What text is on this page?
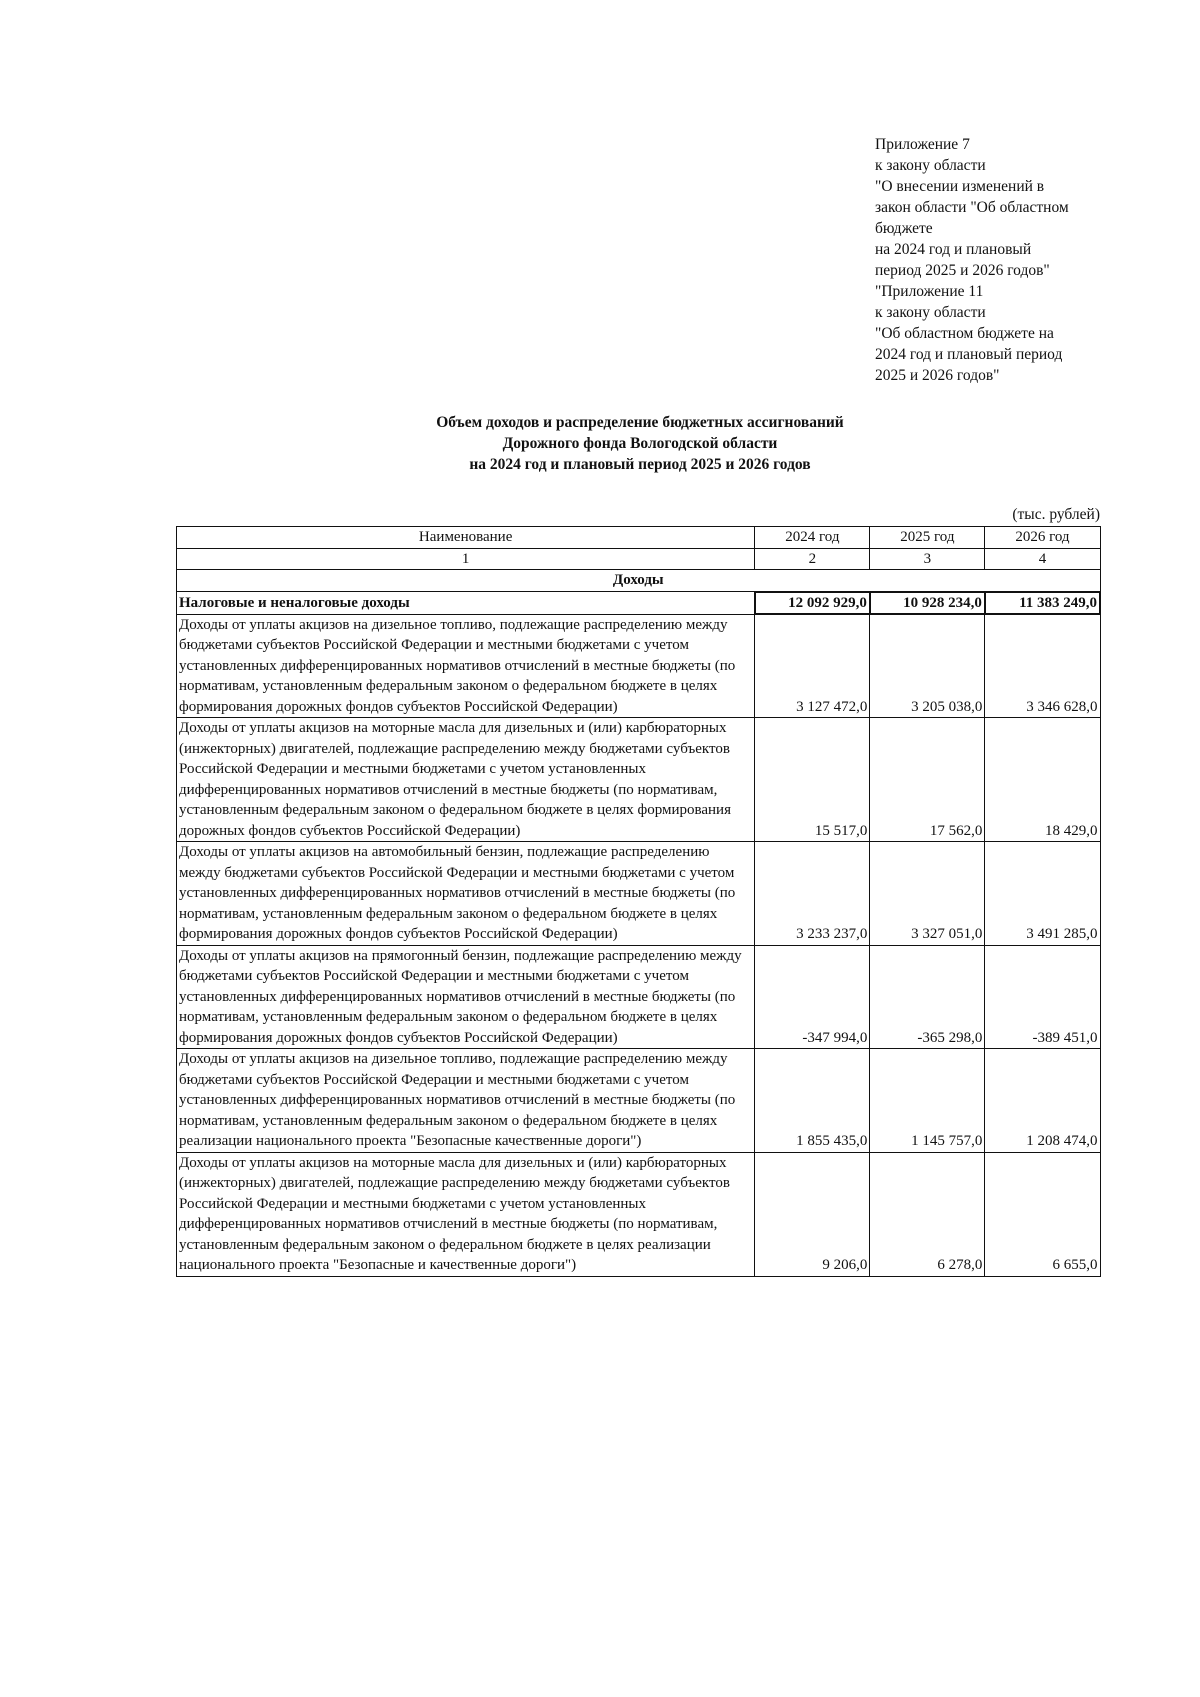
Приложение 7
к закону области
"О внесении изменений в
закон области "Об областном
бюджете
на 2024 год и плановый
период 2025 и 2026 годов"
"Приложение 11
к закону области
"Об областном бюджете на
2024 год и плановый период
2025 и 2026 годов"
Объем доходов и распределение бюджетных ассигнований
Дорожного фонда Вологодской области
на 2024 год и плановый период 2025 и 2026 годов
(тыс. рублей)
Наименование	2024 год	2025 год	2026 год
1	2	3	4
Доходы			
Налоговые и неналоговые доходы	12 092 929,0	10 928 234,0	11 383 249,0
Доходы от уплаты акцизов на дизельное топливо, подлежащие распределению между бюджетами субъектов Российской Федерации и местными бюджетами с учетом установленных дифференцированных нормативов отчислений в местные бюджеты (по нормативам, установленным федеральным законом о федеральном бюджете в целях формирования дорожных фондов субъектов Российской Федерации)	3 127 472,0	3 205 038,0	3 346 628,0
Доходы от уплаты акцизов на моторные масла для дизельных и (или) карбюраторных (инжекторных) двигателей, подлежащие распределению между бюджетами субъектов Российской Федерации и местными бюджетами с учетом установленных дифференцированных нормативов отчислений в местные бюджеты (по нормативам, установленным федеральным законом о федеральном бюджете в целях формирования дорожных фондов субъектов Российской Федерации)	15 517,0	17 562,0	18 429,0
Доходы от уплаты акцизов на автомобильный бензин, подлежащие распределению между бюджетами субъектов Российской Федерации и местными бюджетами с учетом установленных дифференцированных нормативов отчислений в местные бюджеты (по нормативам, установленным федеральным законом о федеральном бюджете в целях формирования дорожных фондов субъектов Российской Федерации)	3 233 237,0	3 327 051,0	3 491 285,0
Доходы от уплаты акцизов на прямогонный бензин, подлежащие распределению между бюджетами субъектов Российской Федерации и местными бюджетами с учетом установленных дифференцированных нормативов отчислений в местные бюджеты (по нормативам, установленным федеральным законом о федеральном бюджете в целях формирования дорожных фондов субъектов Российской Федерации)	-347 994,0	-365 298,0	-389 451,0
Доходы от уплаты акцизов на дизельное топливо, подлежащие распределению между бюджетами субъектов Российской Федерации и местными бюджетами с учетом установленных дифференцированных нормативов отчислений в местные бюджеты (по нормативам, установленным федеральным законом о федеральном бюджете в целях реализации национального проекта "Безопасные качественные дороги")	1 855 435,0	1 145 757,0	1 208 474,0
Доходы от уплаты акцизов на моторные масла для дизельных и (или) карбюраторных (инжекторных) двигателей, подлежащие распределению между бюджетами субъектов Российской Федерации и местными бюджетами с учетом установленных дифференцированных нормативов отчислений в местные бюджеты (по нормативам, установленным федеральным законом о федеральном бюджете в целях реализации национального проекта "Безопасные и качественные дороги")	9 206,0	6 278,0	6 655,0
